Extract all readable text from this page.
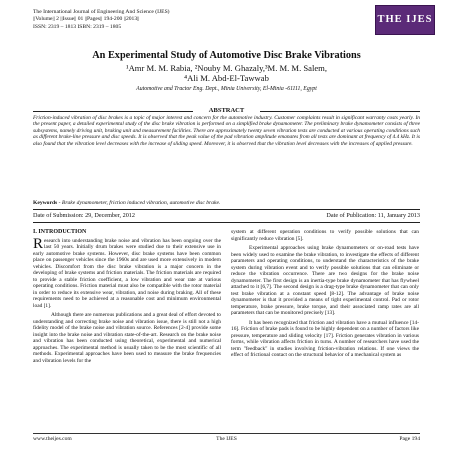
The International Journal of Engineering And Science (IJES)
||Volume|| 2 ||Issue|| 01 ||Pages|| 194-200 ||2013||
ISSN: 2319 – 1813 ISBN: 2319 – 1805
THE IJES
An Experimental Study of Automotive Disc Brake Vibrations
¹Amr M. M. Rabia, ²Nouby M. Ghazaly,³M. M. M. Salem,
⁴Ali M. Abd-El-Tawwab
Automotive and Tractor Eng. Dept., Minia University, El-Minia -61111, Egypt
ABSTRACT
Friction-induced vibration of disc brakes is a topic of major interest and concern for the automotive industry. Customer complaints result in significant warranty costs yearly. In the present paper, a detailed experimental study of the disc brake vibration is performed on a simplified brake dynamometer. The preliminary brake dynamometer consists of three subsystems, namely driving unit, braking unit and measurement facilities. There are approximately twenty seven vibration tests are conducted at various operating conditions such as different brake-line pressure and disc speeds. It is observed that the peak value of the pad vibration amplitude emanates from all tests are dominant at frequency of 4.4 kHz. It is also found that the vibration level decreases with the increase of sliding speed. Moreover, it is observed that the vibration level decreases with the increases of applied pressure.
Keywords - Brake dynamometer, friction induced vibration, automotive disc brake.
Date of Submission: 29, December, 2012	Date of Publication: 11, January 2013
I. INTRODUCTION

Research into understanding brake noise and vibration has been ongoing over the last 50 years. Initially drum brakes were studied due to their extensive use in early automotive brake systems. However, disc brake systems have been common place on passenger vehicles since the 1960s and are used more extensively in modern vehicles. Discomfort from the disc brake vibration is a major concern in the developing of brake systems and friction materials. The friction materials are required to provide a stable friction coefficient, a low vibration and wear rate at various operating conditions. Friction material must also be compatible with the rotor material in order to reduce its extensive wear, vibration, and noise during braking. All of these requirements need to be achieved at a reasonable cost and minimum environmental load [1].

Although there are numerous publications and a great deal of effort devoted to understanding and correcting brake noise and vibration issue, there is still not a high fidelity model of the brake noise and vibration source. References [2-4] provide some insight into the brake noise and vibration state-of-the-art. Research on the brake noise and vibration has been conducted using theoretical, experimental and numerical approaches. The experimental method is usually taken to be the most scientific of all methods. Experimental approaches have been used to measure the brake frequencies and vibration levels for the

system at different operation conditions to verify possible solutions that can significantly reduce vibration [5].

Experimental approaches using brake dynamometers or on-road tests have been widely used to examine the brake vibration, to investigate the effects of different parameters and operating conditions, to understand the characteristics of the brake system during vibration event and to verify possible solutions that can eliminate or reduce the vibration occurrence. There are two designs for the brake noise dynamometer. The first design is an inertia-type brake dynamometer that has flywheel attached to it [6,7]. The second design is a drag-type brake dynamometer that can only test brake vibration at a constant speed [8-12]. The advantage of brake noise dynamometer is that it provided a means of tight experimental control. Pad or rotor temperature, brake pressure, brake torque, and their associated ramp rates are all parameters that can be monitored precisely [13].

It has been recognized that friction and vibration have a mutual influence [14-16]. Friction of brake pads is found to be highly dependent on a number of factors like pressure, temperature and sliding velocity [17]. Friction generates vibration in various forms, while vibration affects friction in turns. A number of researchers have used the term "feedback" in studies involving friction-vibration relations. If one views the effect of frictional contact on the structural behavior of a mechanical system as

www.theijes.com	The IJES	Page 194
